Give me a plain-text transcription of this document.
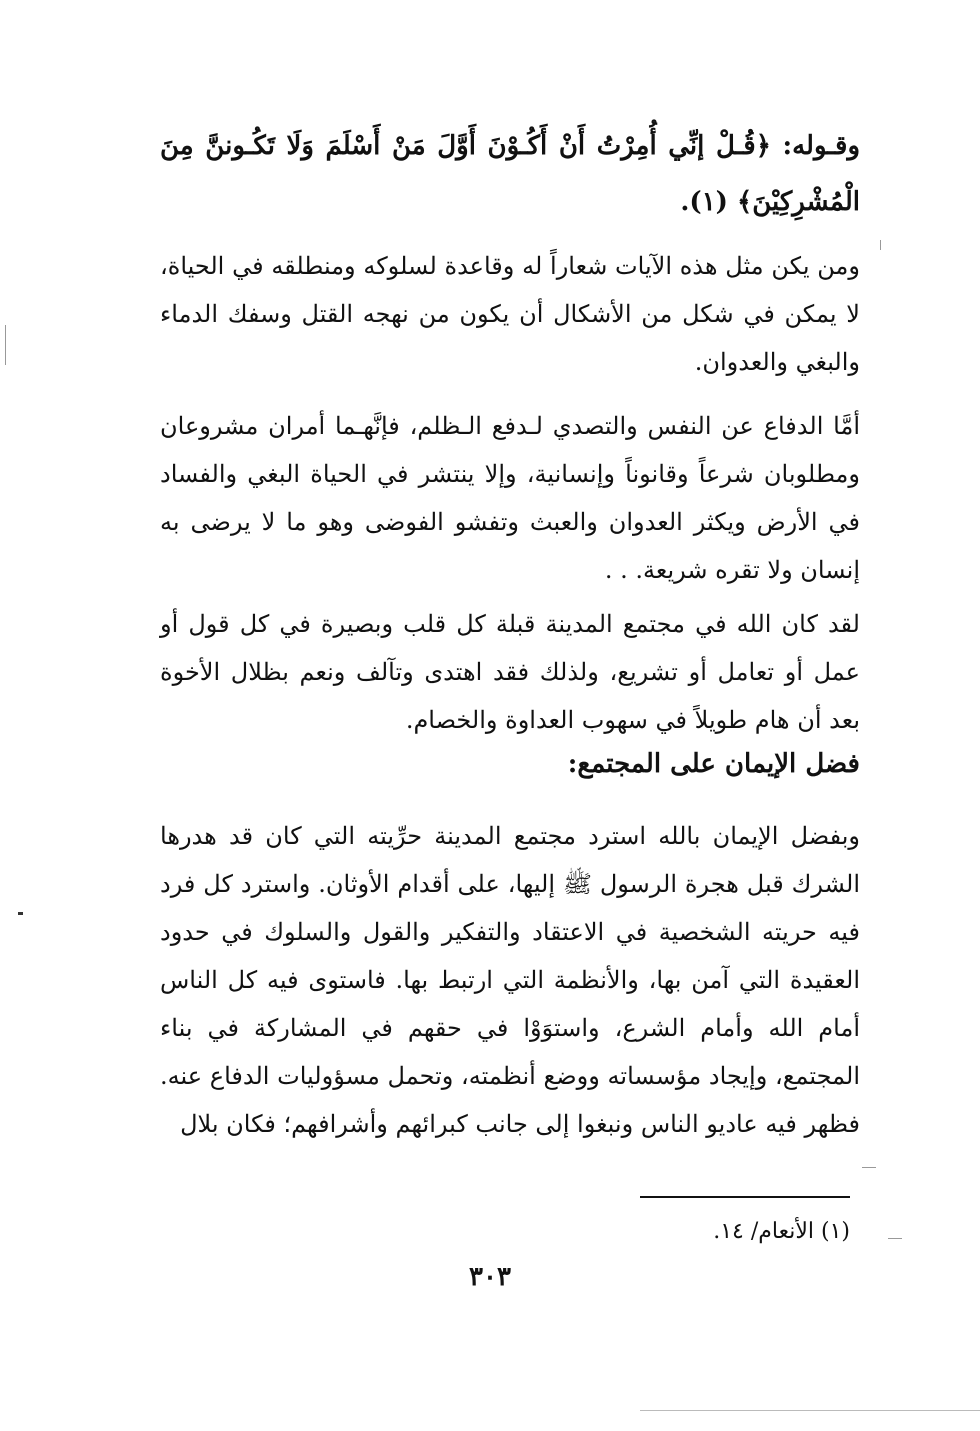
وقـوله: ﴿قُـلْ إنِّي أُمِرْتُ أَنْ أَكُـوْنَ أَوَّلَ مَنْ أَسْلَمَ وَلَا تَكُـوننَّ مِنَ الْمُشْرِكِيْنَ﴾ (١).
ومن يكن مثل هذه الآيات شعاراً له وقاعدة لسلوكه ومنطلقه في الحياة، لا يمكن في شكل من الأشكال أن يكون من نهجه القتل وسفك الدماء والبغي والعدوان.
أمَّا الدفاع عن النفس والتصدي لـدفع الـظلم، فإنَّهـما أمران مشروعان ومطلوبان شرعاً وقانوناً وإنسانية، وإلا ينتشر في الحياة البغي والفساد في الأرض ويكثر العدوان والعبث وتفشو الفوضى وهو ما لا يرضى به إنسان ولا تقره شريعة. . .
لقد كان الله في مجتمع المدينة قبلة كل قلب وبصيرة في كل قول أو عمل أو تعامل أو تشريع، ولذلك فقد اهتدى وتآلف ونعم بظلال الأخوة بعد أن هام طويلاً في سهوب العداوة والخصام.
فضل الإيمان على المجتمع:
وبفضل الإيمان بالله استرد مجتمع المدينة حرِّيته التي كان قد هدرها الشرك قبل هجرة الرسول ﷺ إليها، على أقدام الأوثان. واسترد كل فرد فيه حريته الشخصية في الاعتقاد والتفكير والقول والسلوك في حدود العقيدة التي آمن بها، والأنظمة التي ارتبط بها. فاستوى فيه كل الناس أمام الله وأمام الشرع، واستوَوْا في حقهم في المشاركة في بناء المجتمع، وإيجاد مؤسساته ووضع أنظمته، وتحمل مسؤوليات الدفاع عنه. فظهر فيه عاديو الناس ونبغوا إلى جانب كبرائهم وأشرافهم؛ فكان بلال
(١) الأنعام/ ١٤.
٣٠٣
